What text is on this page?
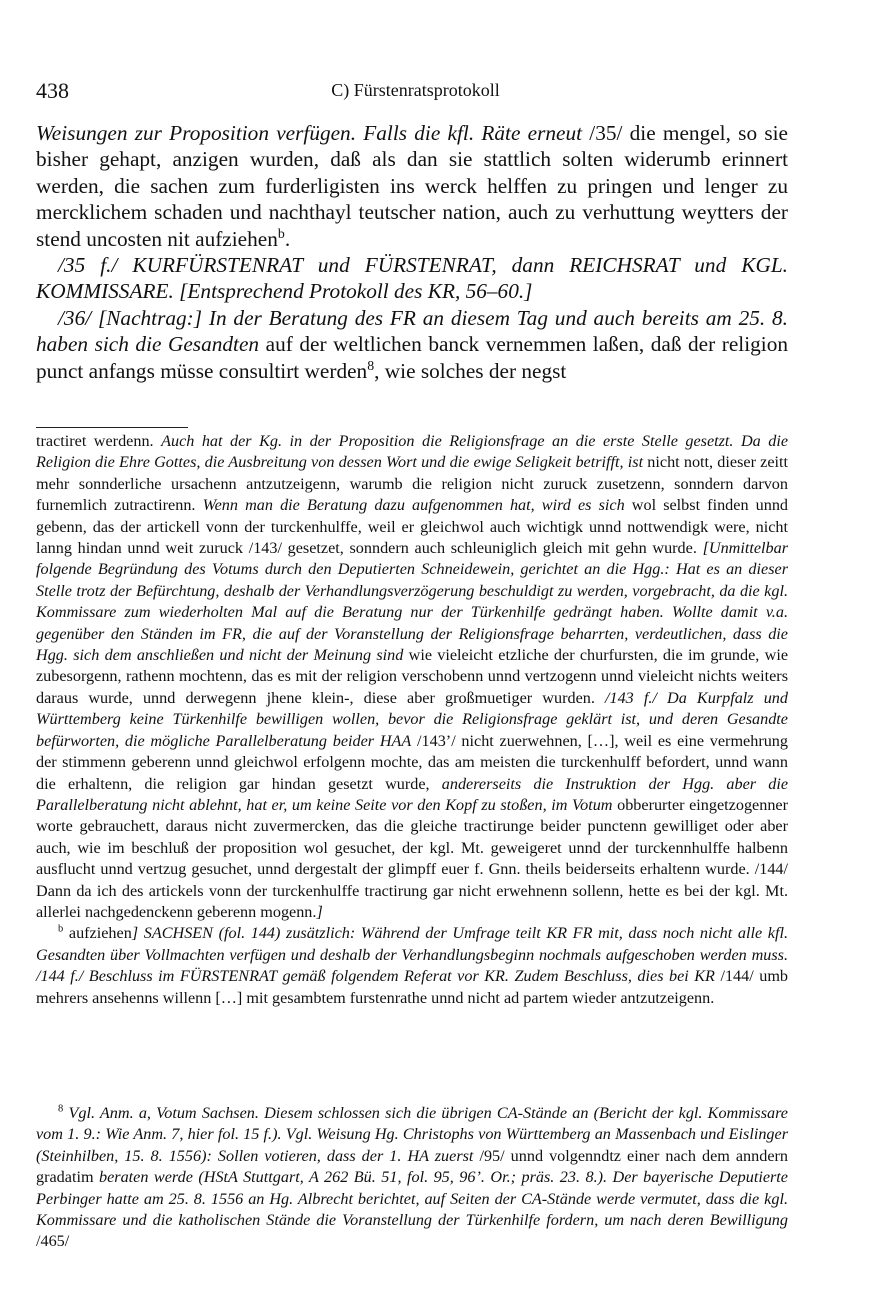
438	C) Fürstenratsprotokoll

Weisungen zur Proposition verfügen. Falls die kfl. Räte erneut /35/ die mengel, so sie bisher gehapt, anzigen wurden, daß als dan sie stattlich solten widerumb erinnert werden, die sachen zum furderligisten ins werck helffen zu pringen und lenger zu mercklichem schaden und nachthayl teutscher nation, auch zu verhuttung weytters der stend uncosten nit aufziehen$^b$.

/35 f./ KURFÜRSTENRAT und FÜRSTENRAT, dann REICHSRAT und KGL. KOMMISSARE. [Entsprechend Protokoll des KR, 56–60.]

/36/ [Nachtrag:] In der Beratung des FR an diesem Tag und auch bereits am 25. 8. haben sich die Gesandten auf der weltlichen banck vernemmen laßen, daß der religion punct anfangs müsse consultirt werden$^8$, wie solches der negst

tractiret werdenn. Auch hat der Kg. in der Proposition die Religionsfrage an die erste Stelle gesetzt. Da die Religion die Ehre Gottes, die Ausbreitung von dessen Wort und die ewige Seligkeit betrifft, ist nicht nott, dieser zeitt mehr sonnderliche ursachenn antzutzeigenn, warumb die religion nicht zuruck zusetzenn, sonndern darvon furnemlich zutractirenn. Wenn man die Beratung dazu aufgenommen hat, wird es sich wol selbst finden unnd gebenn, das der artickell vonn der turckenhulffe, weil er gleichwol auch wichtigk unnd nottwendigk were, nicht lanng hindan unnd weit zuruck /143/ gesetzet, sonndern auch schleuniglich gleich mit gehn wurde. [Unmittelbar folgende Begründung des Votums durch den Deputierten Schneidewein, gerichtet an die Hgg.: Hat es an dieser Stelle trotz der Befürchtung, deshalb der Verhandlungsverzögerung beschuldigt zu werden, vorgebracht, da die kgl. Kommissare zum wiederholten Mal auf die Beratung nur der Türkenhilfe gedrängt haben. Wollte damit v.a. gegenüber den Ständen im FR, die auf der Voranstellung der Religionsfrage beharrten, verdeutlichen, dass die Hgg. sich dem anschließen und nicht der Meinung sind wie vieleicht etzliche der churfursten, die im grunde, wie zubesorgenn, rathenn mochtenn, das es mit der religion verschobenn unnd vertzogenn unnd vieleicht nichts weiters daraus wurde, unnd derwegenn jhene klein-, diese aber großmuetiger wurden. /143 f./ Da Kurpfalz und Württemberg keine Türkenhilfe bewilligen wollen, bevor die Religionsfrage geklärt ist, und deren Gesandte befürworten, die mögliche Parallelberatung beider HAA /143’/ nicht zuerwehnen, […], weil es eine vermehrung der stimmenn geberenn unnd gleichwol erfolgenn mochte, das am meisten die turckenhulff befordert, unnd wann die erhaltenn, die religion gar hindan gesetzt wurde, andererseits die Instruktion der Hgg. aber die Parallelberatung nicht ablehnt, hat er, um keine Seite vor den Kopf zu stoßen, im Votum obberurter eingetzogenner worte gebrauchett, daraus nicht zuvermercken, das die gleiche tractirunge beider punctenn gewilliget oder aber auch, wie im beschluß der proposition wol gesuchet, der kgl. Mt. geweigeret unnd der turckennhulffe halbenn ausflucht unnd vertzug gesuchet, unnd dergestalt der glimpff euer f. Gnn. theils beiderseits erhaltenn wurde. /144/ Dann da ich des artickels vonn der turckenhulffe tractirung gar nicht erwehnenn sollenn, hette es bei der kgl. Mt. allerlei nachgedenckenn geberenn mogenn.]

$^b$ aufziehen] SACHSEN (fol. 144) zusätzlich: Während der Umfrage teilt KR FR mit, dass noch nicht alle kfl. Gesandten über Vollmachten verfügen und deshalb der Verhandlungsbeginn nochmals aufgeschoben werden muss. /144 f./ Beschluss im FÜRSTENRAT gemäß folgendem Referat vor KR. Zudem Beschluss, dies bei KR /144/ umb mehrers ansehenns willenn […] mit gesambtem furstenrathe unnd nicht ad partem wieder antzutzeigenn.

$^8$ Vgl. Anm. a, Votum Sachsen. Diesem schlossen sich die übrigen CA-Stände an (Bericht der kgl. Kommissare vom 1. 9.: Wie Anm. 7, hier fol. 15 f.). Vgl. Weisung Hg. Christophs von Württemberg an Massenbach und Eislinger (Steinhilben, 15. 8. 1556): Sollen votieren, dass der 1. HA zuerst /95/ unnd volgenndtz einer nach dem anndern gradatim beraten werde (HStA Stuttgart, A 262 Bü. 51, fol. 95, 96’. Or.; präs. 23. 8.). Der bayerische Deputierte Perbinger hatte am 25. 8. 1556 an Hg. Albrecht berichtet, auf Seiten der CA-Stände werde vermutet, dass die kgl. Kommissare und die katholischen Stände die Voranstellung der Türkenhilfe fordern, um nach deren Bewilligung /465/
